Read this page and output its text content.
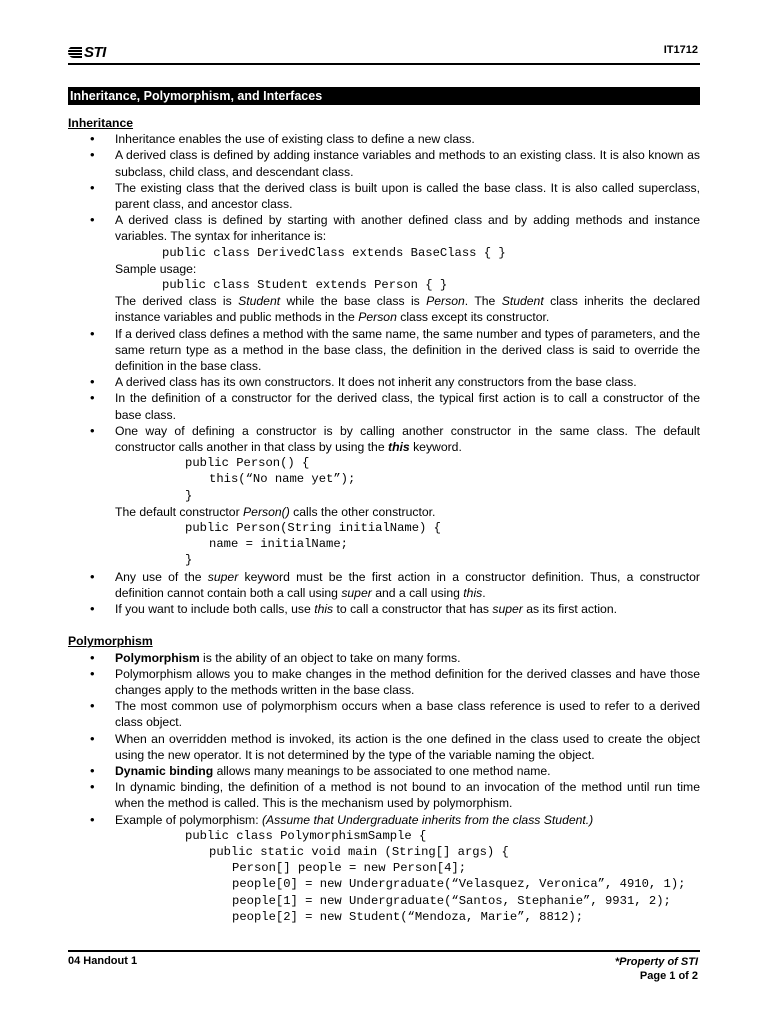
STI	IT1712
Inheritance, Polymorphism, and Interfaces
Inheritance
• Inheritance enables the use of existing class to define a new class.
• A derived class is defined by adding instance variables and methods to an existing class. It is also known as subclass, child class, and descendant class.
• The existing class that the derived class is built upon is called the base class. It is also called superclass, parent class, and ancestor class.
• A derived class is defined by starting with another defined class and by adding methods and instance variables. The syntax for inheritance is:
public class DerivedClass extends BaseClass { }
Sample usage:
public class Student extends Person { }
The derived class is Student while the base class is Person. The Student class inherits the declared instance variables and public methods in the Person class except its constructor.
• If a derived class defines a method with the same name, the same number and types of parameters, and the same return type as a method in the base class, the definition in the derived class is said to override the definition in the base class.
• A derived class has its own constructors. It does not inherit any constructors from the base class.
• In the definition of a constructor for the derived class, the typical first action is to call a constructor of the base class.
• One way of defining a constructor is by calling another constructor in the same class. The default constructor calls another in that class by using the this keyword.
public Person() {
this(“No name yet”);
}
The default constructor Person() calls the other constructor.
public Person(String initialName) {
name = initialName;
}
• Any use of the super keyword must be the first action in a constructor definition. Thus, a constructor definition cannot contain both a call using super and a call using this.
• If you want to include both calls, use this to call a constructor that has super as its first action.
Polymorphism
• Polymorphism is the ability of an object to take on many forms.
• Polymorphism allows you to make changes in the method definition for the derived classes and have those changes apply to the methods written in the base class.
• The most common use of polymorphism occurs when a base class reference is used to refer to a derived class object.
• When an overridden method is invoked, its action is the one defined in the class used to create the object using the new operator. It is not determined by the type of the variable naming the object.
• Dynamic binding allows many meanings to be associated to one method name.
• In dynamic binding, the definition of a method is not bound to an invocation of the method until run time when the method is called. This is the mechanism used by polymorphism.
• Example of polymorphism: (Assume that Undergraduate inherits from the class Student.)
public class PolymorphismSample {
public static void main (String[] args) {
Person[] people = new Person[4];
people[0] = new Undergraduate(“Velasquez, Veronica”, 4910, 1);
people[1] = new Undergraduate(“Santos, Stephanie”, 9931, 2);
people[2] = new Student(“Mendoza, Marie”, 8812);
04 Handout 1	*Property of STI
Page 1 of 2
